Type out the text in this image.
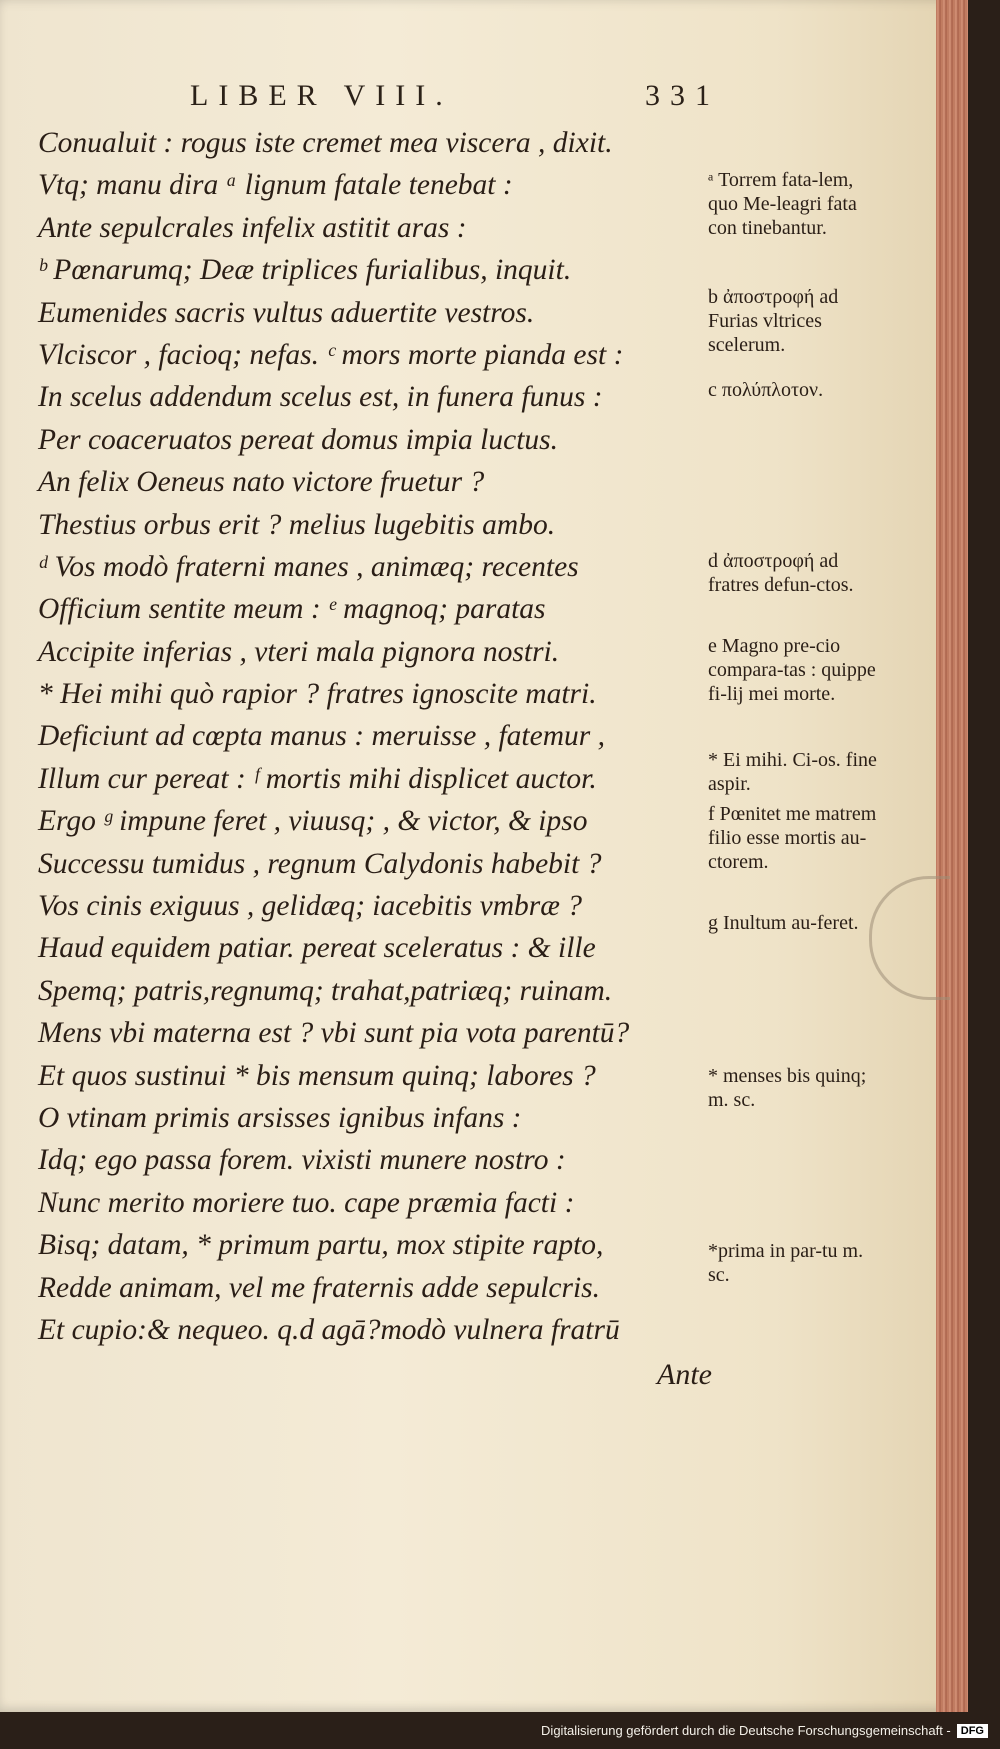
LIBER VIII.	331
Conualuit : rogus iste cremet mea viscera , dixit.
Vtq; manu dira ᵃ lignum fatale tenebat :
Ante sepulcrales infelix astitit aras :
ᵇ Pœnarumq; Deæ triplices furialibus, inquit.
Eumenides sacris vultus aduertite vestros.
Vlciscor , facioq; nefas. ᶜ mors morte pianda est :
In scelus addendum scelus est, in funera funus :
Per coaceruatos pereat domus impia luctus.
An felix Oeneus nato victore fruetur ?
Thestius orbus erit ? melius lugebitis ambo.
ᵈ Vos modò fraterni manes , animæq; recentes
Officium sentite meum : ᵉ magnoq; paratas
Accipite inferias , vteri mala pignora nostri.
* Hei mihi quò rapior ? fratres ignoscite matri.
Deficiunt ad cœpta manus : meruisse , fatemur ,
Illum cur pereat : ᶠ mortis mihi displicet auctor.
Ergo ᵍ impune feret , viuusq; , & victor, & ipso
Successu tumidus , regnum Calydonis habebit ?
Vos cinis exiguus , gelidæq; iacebitis vmbræ ?
Haud equidem patiar. pereat sceleratus : & ille
Spemq; patris,regnumq; trahat,patriæq; ruinam.
Mens vbi materna est ? vbi sunt pia vota parentū?
Et quos sustinui * bis mensum quinq; labores ?
O vtinam primis arsisses ignibus infans :
Idq; ego passa forem. vixisti munere nostro :
Nunc merito moriere tuo. cape præmia facti :
Bisq; datam, * primum partu, mox stipite rapto,
Redde animam, vel me fraternis adde sepulcris.
Et cupio:& nequeo. q.d agā?modò vulnera fratrū
Ante
ᵃ Torrem fata-lem, quo Me-leagri fata con tinebantur.
b ἀποστροφή ad Furias vltrices scelerum.
c πολύπλοτον.
d ἀποστροφή ad fratres defun-ctos.
e Magno pre-cio compara-tas : quippe fi-lij mei morte.
* Ei mihi. Ci-os. fine aspir.
f Pœnitet me matrem filio esse mortis au-ctorem.
g Inultum au-feret.
* menses bis quinq; m. sc.
*prima in par-tu m. sc.
Digitalisierung gefördert durch die Deutsche Forschungsgemeinschaft - DFG
